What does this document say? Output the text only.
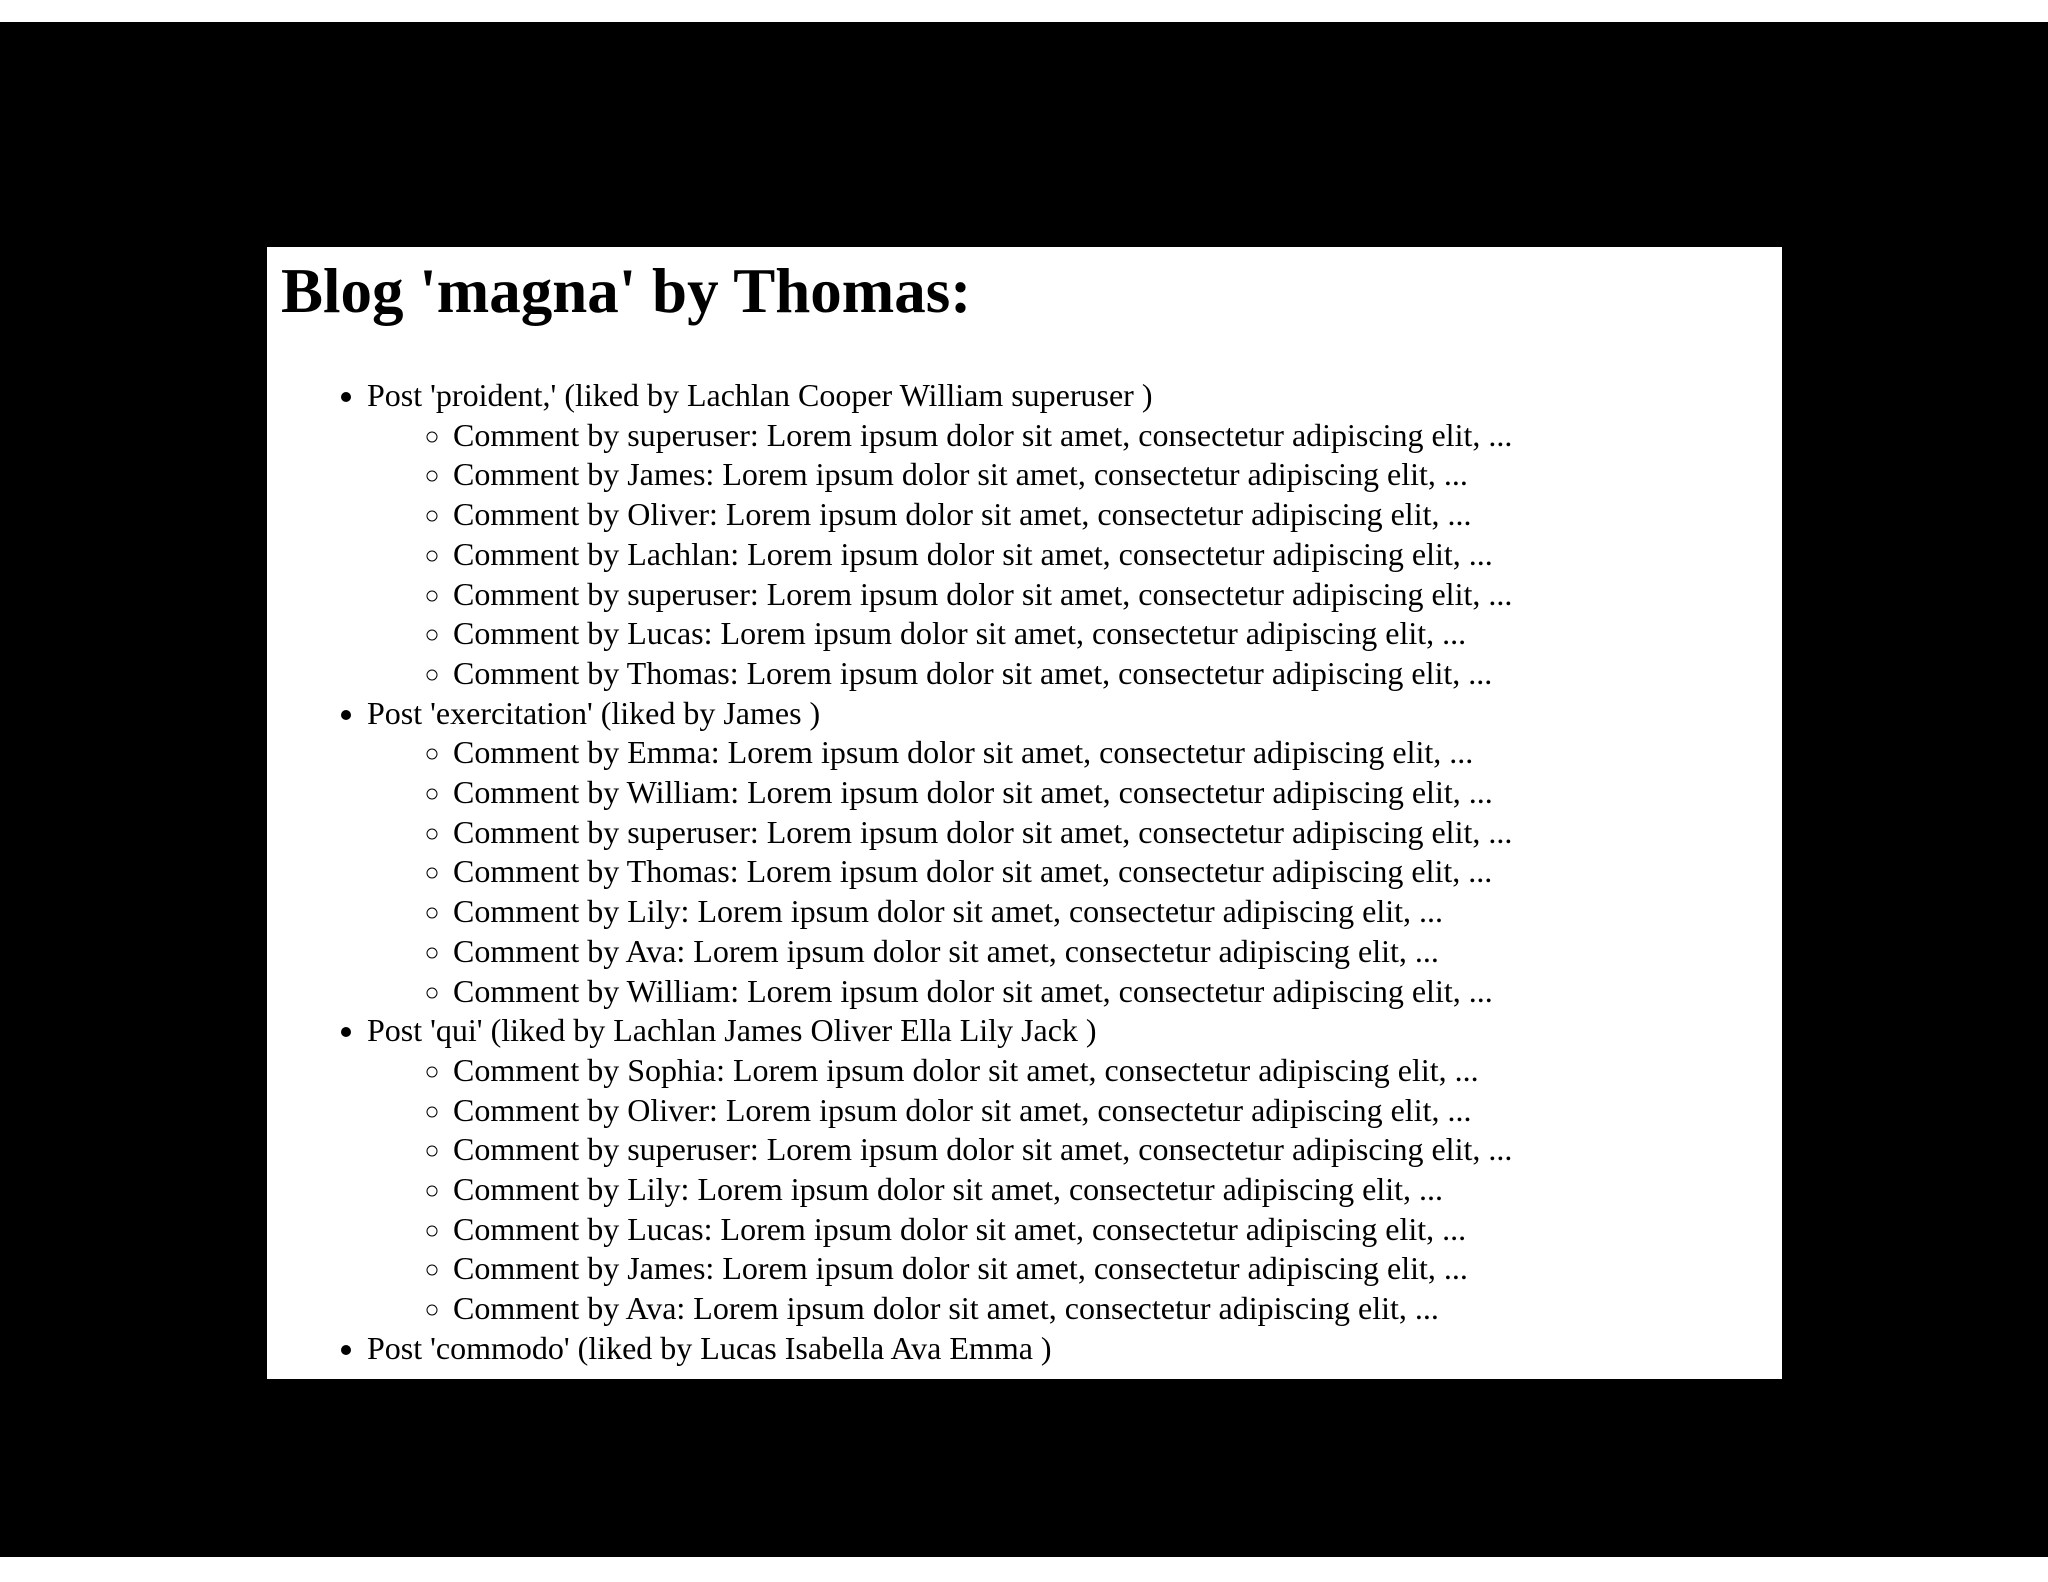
Blog 'magna' by Thomas:
• Post 'proident,' (liked by Lachlan Cooper William superuser )
◦ Comment by superuser: Lorem ipsum dolor sit amet, consectetur adipiscing elit, ...
◦ Comment by James: Lorem ipsum dolor sit amet, consectetur adipiscing elit, ...
◦ Comment by Oliver: Lorem ipsum dolor sit amet, consectetur adipiscing elit, ...
◦ Comment by Lachlan: Lorem ipsum dolor sit amet, consectetur adipiscing elit, ...
◦ Comment by superuser: Lorem ipsum dolor sit amet, consectetur adipiscing elit, ...
◦ Comment by Lucas: Lorem ipsum dolor sit amet, consectetur adipiscing elit, ...
◦ Comment by Thomas: Lorem ipsum dolor sit amet, consectetur adipiscing elit, ...
• Post 'exercitation' (liked by James )
◦ Comment by Emma: Lorem ipsum dolor sit amet, consectetur adipiscing elit, ...
◦ Comment by William: Lorem ipsum dolor sit amet, consectetur adipiscing elit, ...
◦ Comment by superuser: Lorem ipsum dolor sit amet, consectetur adipiscing elit, ...
◦ Comment by Thomas: Lorem ipsum dolor sit amet, consectetur adipiscing elit, ...
◦ Comment by Lily: Lorem ipsum dolor sit amet, consectetur adipiscing elit, ...
◦ Comment by Ava: Lorem ipsum dolor sit amet, consectetur adipiscing elit, ...
◦ Comment by William: Lorem ipsum dolor sit amet, consectetur adipiscing elit, ...
• Post 'qui' (liked by Lachlan James Oliver Ella Lily Jack )
◦ Comment by Sophia: Lorem ipsum dolor sit amet, consectetur adipiscing elit, ...
◦ Comment by Oliver: Lorem ipsum dolor sit amet, consectetur adipiscing elit, ...
◦ Comment by superuser: Lorem ipsum dolor sit amet, consectetur adipiscing elit, ...
◦ Comment by Lily: Lorem ipsum dolor sit amet, consectetur adipiscing elit, ...
◦ Comment by Lucas: Lorem ipsum dolor sit amet, consectetur adipiscing elit, ...
◦ Comment by James: Lorem ipsum dolor sit amet, consectetur adipiscing elit, ...
◦ Comment by Ava: Lorem ipsum dolor sit amet, consectetur adipiscing elit, ...
• Post 'commodo' (liked by Lucas Isabella Ava Emma )
